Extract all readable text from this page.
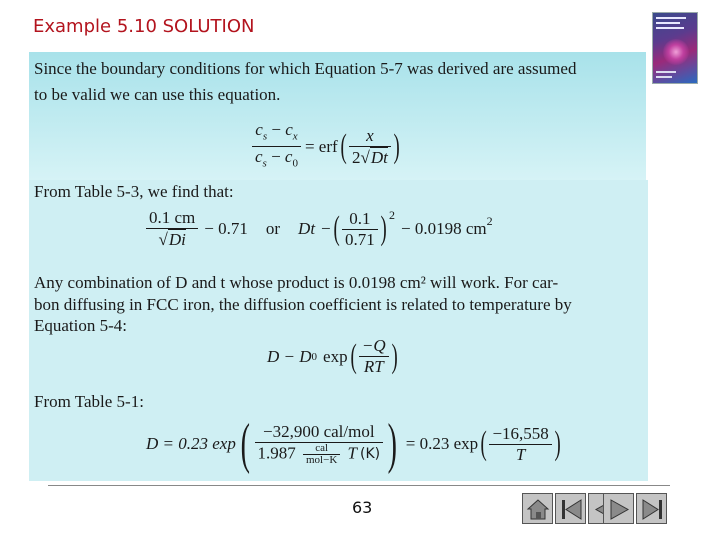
Example 5.10 SOLUTION
Since the boundary conditions for which Equation 5-7 was derived are assumed
to be valid we can use this equation.
$\frac{c_s - c_x}{c_s - c_0}$ = erf ( $\frac{x}{2√Dt}$ )
From Table 5-3, we find that:
$\frac{0.1 cm}{√Di} - 0.71$ or Dt − ( $\frac{0.1}{0.71} )^2$
− 0.0198 $cm^2$
Any combination of D and t whose product is 0.0198 cm² will work. For car-
bon diffusing in FCC iron, the diffusion coefficient is related to temperature by
Equation 5-4:
D − D 0 exp ( $\frac{-Q}{RT}$ )
From Table 5-1:
D = 0.23 exp ( $\frac{\text{−32,900 cal/mol}}{1.987 \frac{\text{cal}}{\text{mol−K}} T (K)}$ ) = 0.23 exp ( $\frac{-16,558}{T}$ )
63
